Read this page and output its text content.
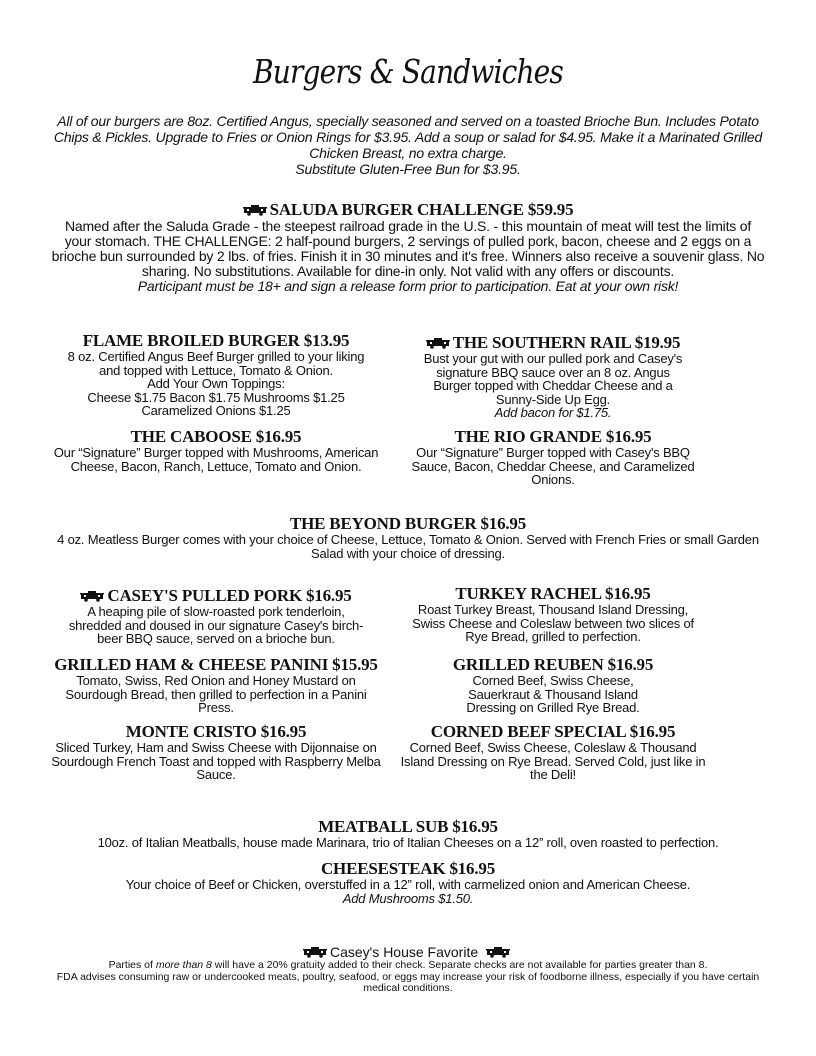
Burgers & Sandwiches
All of our burgers are 8oz. Certified Angus, specially seasoned and served on a toasted Brioche Bun. Includes Potato Chips & Pickles. Upgrade to Fries or Onion Rings for $3.95. Add a soup or salad for $4.95. Make it a Marinated Grilled Chicken Breast, no extra charge.
Substitute Gluten-Free Bun for $3.95.
SALUDA BURGER CHALLENGE $59.95
Named after the Saluda Grade - the steepest railroad grade in the U.S. - this mountain of meat will test the limits of your stomach. THE CHALLENGE: 2 half-pound burgers, 2 servings of pulled pork, bacon, cheese and 2 eggs on a brioche bun surrounded by 2 lbs. of fries. Finish it in 30 minutes and it's free. Winners also receive a souvenir glass. No sharing. No substitutions. Available for dine-in only. Not valid with any offers or discounts.
Participant must be 18+ and sign a release form prior to participation. Eat at your own risk!
FLAME BROILED BURGER $13.95
8 oz. Certified Angus Beef Burger grilled to your liking and topped with Lettuce, Tomato & Onion.
Add Your Own Toppings:
Cheese $1.75 Bacon $1.75 Mushrooms $1.25
Caramelized Onions $1.25
THE SOUTHERN RAIL $19.95
Bust your gut with our pulled pork and Casey's signature BBQ sauce over an 8 oz. Angus Burger topped with Cheddar Cheese and a Sunny-Side Up Egg.
Add bacon for $1.75.
THE CABOOSE $16.95
Our “Signature” Burger topped with Mushrooms, American Cheese, Bacon, Ranch, Lettuce, Tomato and Onion.
THE RIO GRANDE $16.95
Our “Signature” Burger topped with Casey's BBQ Sauce, Bacon, Cheddar Cheese, and Caramelized Onions.
THE BEYOND BURGER $16.95
4 oz. Meatless Burger comes with your choice of Cheese, Lettuce, Tomato & Onion. Served with French Fries or small Garden Salad with your choice of dressing.
CASEY'S PULLED PORK $16.95
A heaping pile of slow-roasted pork tenderloin, shredded and doused in our signature Casey's birch-beer BBQ sauce, served on a brioche bun.
TURKEY RACHEL $16.95
Roast Turkey Breast, Thousand Island Dressing, Swiss Cheese and Coleslaw between two slices of Rye Bread, grilled to perfection.
GRILLED HAM & CHEESE PANINI $15.95
Tomato, Swiss, Red Onion and Honey Mustard on Sourdough Bread, then grilled to perfection in a Panini Press.
GRILLED REUBEN $16.95
Corned Beef, Swiss Cheese, Sauerkraut & Thousand Island Dressing on Grilled Rye Bread.
MONTE CRISTO $16.95
Sliced Turkey, Ham and Swiss Cheese with Dijonnaise on Sourdough French Toast and topped with Raspberry Melba Sauce.
CORNED BEEF SPECIAL $16.95
Corned Beef, Swiss Cheese, Coleslaw & Thousand Island Dressing on Rye Bread. Served Cold, just like in the Deli!
MEATBALL SUB $16.95
10oz. of Italian Meatballs, house made Marinara, trio of Italian Cheeses on a 12” roll, oven roasted to perfection.
CHEESESTEAK $16.95
Your choice of Beef or Chicken, overstuffed in a 12” roll, with carmelized onion and American Cheese.
Add Mushrooms $1.50.
Casey's House Favorite
Parties of more than 8 will have a 20% gratuity added to their check. Separate checks are not available for parties greater than 8.
FDA advises consuming raw or undercooked meats, poultry, seafood, or eggs may increase your risk of foodborne illness, especially if you have certain medical conditions.
